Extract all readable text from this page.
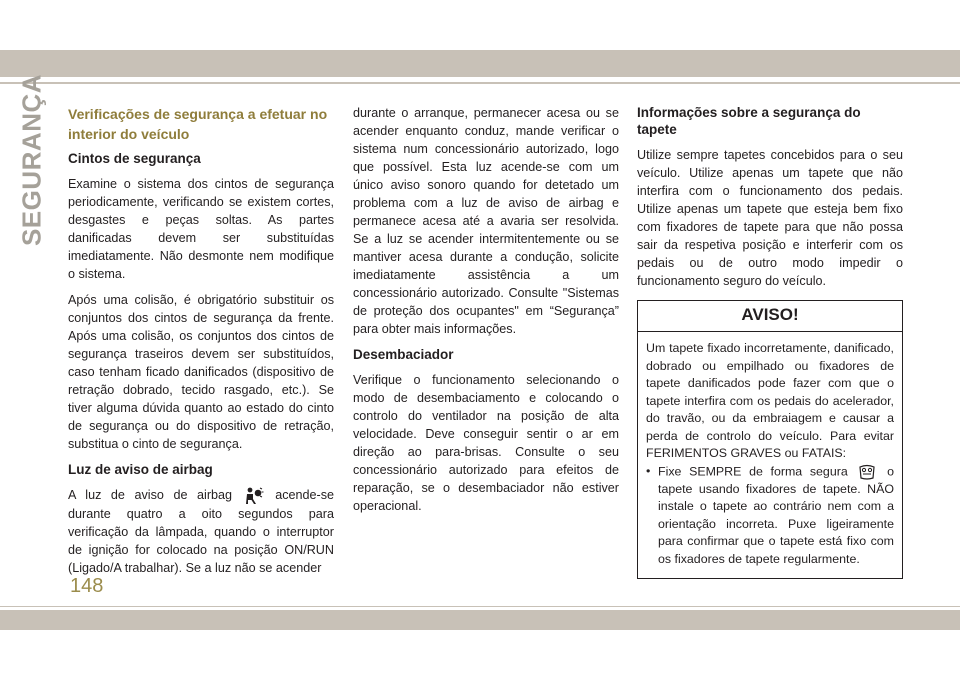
SEGURANÇA Verificações de segurança a efetuar no interior do veículo
Cintos de segurança

Examine o sistema dos cintos de segurança periodicamente, verificando se existem cortes, desgastes e peças soltas. As partes danificadas devem ser substituídas imediatamente. Não desmonte nem modifique o sistema.

Após uma colisão, é obrigatório substituir os conjuntos dos cintos de segurança da frente. Após uma colisão, os conjuntos dos cintos de segurança traseiros devem ser substituídos, caso tenham ficado danificados (dispositivo de retração dobrado, tecido rasgado, etc.). Se tiver alguma dúvida quanto ao estado do cinto de segurança ou do dispositivo de retração, substitua o cinto de segurança.

Luz de aviso de airbag

A luz de aviso de airbag	acende-se durante quatro a oito segundos para verificação da lâmpada, quando o interruptor de ignição for colocado na posição ON/RUN (Ligado/A trabalhar). Se a luz não se acender

durante o arranque, permanecer acesa ou se acender enquanto conduz, mande verificar o sistema num concessionário autorizado, logo que possível. Esta luz acende-se com um único aviso sonoro quando for detetado um problema com a luz de aviso de airbag e permanece acesa até a avaria ser resolvida. Se a luz se acender intermitentemente ou se mantiver acesa durante a condução, solicite imediatamente assistência a um concessionário autorizado. Consulte "Sistemas de proteção dos ocupantes" em “Segurança” para obter mais informações.

Desembaciador

Verifique o funcionamento selecionando o modo de desembaciamento e colocando o controlo do ventilador na posição de alta velocidade. Deve conseguir sentir o ar em direção ao para-brisas. Consulte o seu concessionário autorizado para efeitos de reparação, se o desembaciador não estiver operacional.

Informações sobre a segurança do tapete

Utilize sempre tapetes concebidos para o seu veículo. Utilize apenas um tapete que não interfira com o funcionamento dos pedais. Utilize apenas um tapete que esteja bem fixo com fixadores de tapete para que não possa sair da respetiva posição e interferir com os pedais ou de outro modo impedir o funcionamento seguro do veículo.

AVISO!

Um tapete fixado incorretamente, danificado, dobrado ou empilhado ou fixadores de tapete danificados pode fazer com que o tapete interfira com os pedais do acelerador, do travão, ou da embraiagem e causar a perda de controlo do veículo. Para evitar FERIMENTOS GRAVES ou FATAIS:

• Fixe SEMPRE de forma segura	o tapete usando fixadores de tapete. NÃO instale o tapete ao contrário nem com a orientação incorreta. Puxe ligeiramente para confirmar que o tapete está fixo com os fixadores de tapete regularmente.
148
